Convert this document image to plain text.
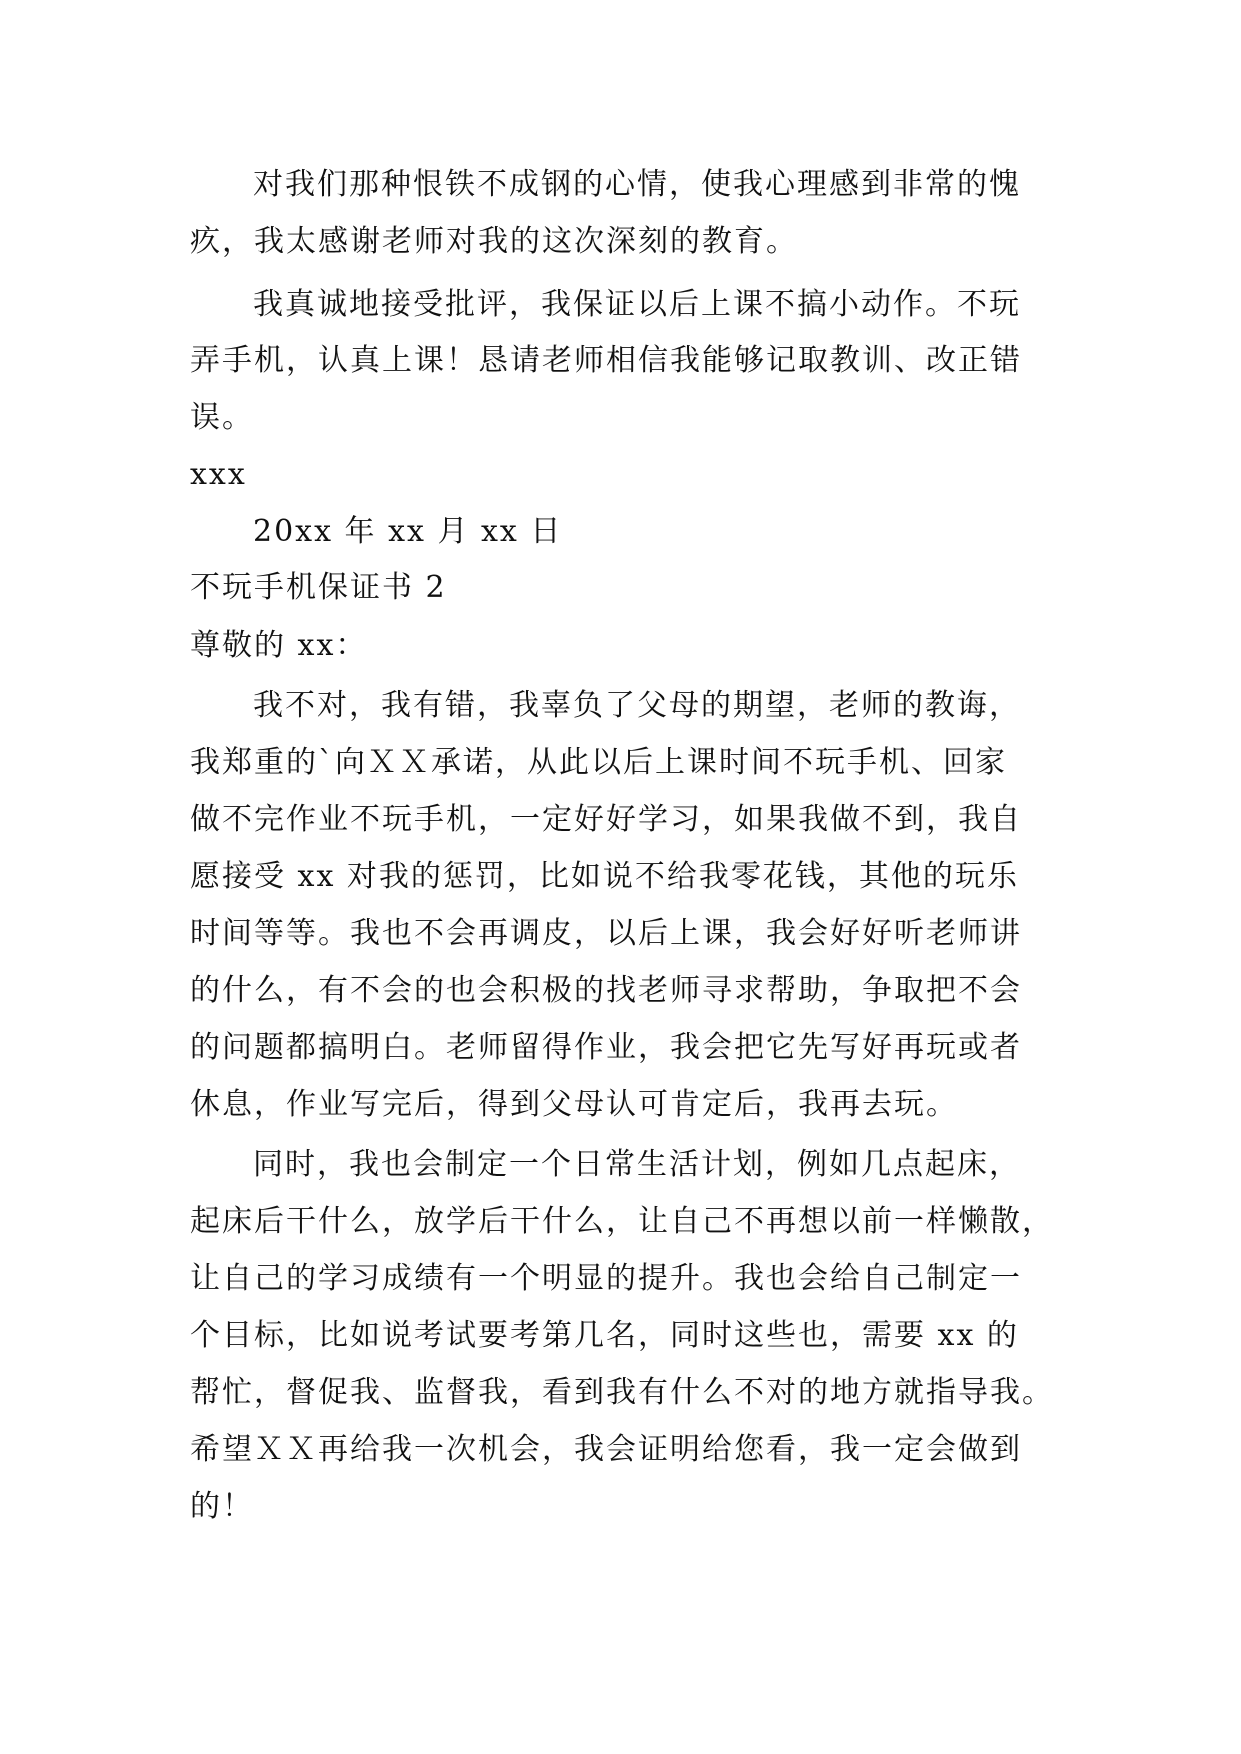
对我们那种恨铁不成钢的心情，使我心理感到非常的愧
疚，我太感谢老师对我的这次深刻的教育。
我真诚地接受批评，我保证以后上课不搞小动作。不玩
弄手机，认真上课！恳请老师相信我能够记取教训、改正错
误。
xxx
20xx 年 xx 月 xx 日
不玩手机保证书 2
尊敬的 xx：
我不对，我有错，我辜负了父母的期望，老师的教诲，
我郑重的`向ＸＸ承诺，从此以后上课时间不玩手机、回家
做不完作业不玩手机，一定好好学习，如果我做不到，我自
愿接受 xx 对我的惩罚，比如说不给我零花钱，其他的玩乐
时间等等。我也不会再调皮，以后上课，我会好好听老师讲
的什么，有不会的也会积极的找老师寻求帮助，争取把不会
的问题都搞明白。老师留得作业，我会把它先写好再玩或者
休息，作业写完后，得到父母认可肯定后，我再去玩。
同时，我也会制定一个日常生活计划，例如几点起床，
起床后干什么，放学后干什么，让自己不再想以前一样懒散，
让自己的学习成绩有一个明显的提升。我也会给自己制定一
个目标，比如说考试要考第几名，同时这些也，需要 xx 的
帮忙，督促我、监督我，看到我有什么不对的地方就指导我。
希望ＸＸ再给我一次机会，我会证明给您看，我一定会做到
的！
